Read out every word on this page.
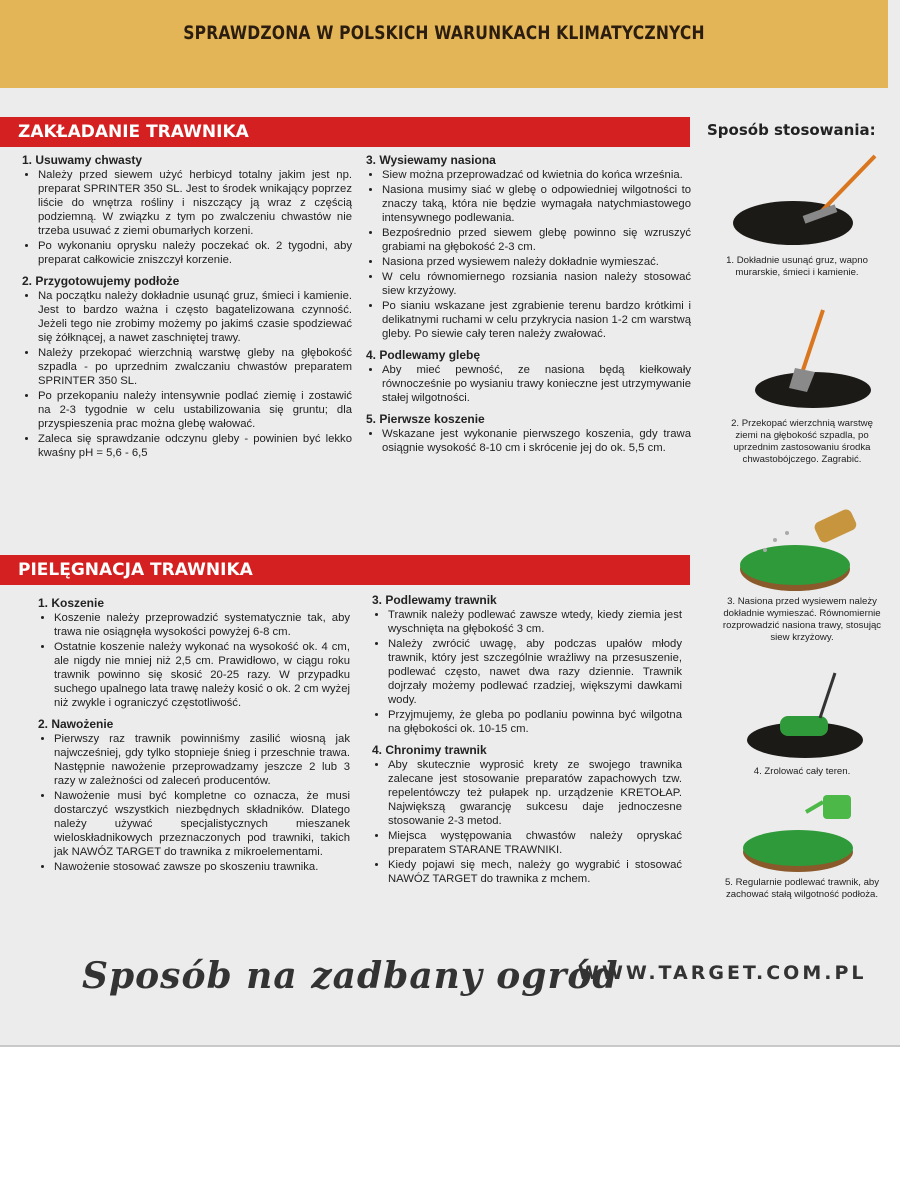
SPRAWDZONA W POLSKICH WARUNKACH KLIMATYCZNYCH
ZAKŁADANIE TRAWNIKA
1. Usuwamy chwasty
• Należy przed siewem użyć herbicyd totalny jakim jest np. preparat SPRINTER 350 SL. Jest to środek wnikający poprzez liście do wnętrza rośliny i niszczący ją wraz z częścią podziemną. W związku z tym po zwalczeniu chwastów nie trzeba usuwać z ziemi obumarłych korzeni.
• Po wykonaniu oprysku należy poczekać ok. 2 tygodni, aby preparat całkowicie zniszczył korzenie.
2. Przygotowujemy podłoże
• Na początku należy dokładnie usunąć gruz, śmieci i kamienie. Jest to bardzo ważna i często bagatelizowana czynność. Jeżeli tego nie zrobimy możemy po jakimś czasie spodziewać się żółknącej, a nawet zaschniętej trawy.
• Należy przekopać wierzchnią warstwę gleby na głębokość szpadla - po uprzednim zwalczaniu chwastów preparatem SPRINTER 350 SL.
• Po przekopaniu należy intensywnie podlać ziemię i zostawić na 2-3 tygodnie w celu ustabilizowania się gruntu; dla przyspieszenia prac można glebę wałować.
• Zaleca się sprawdzanie odczynu gleby - powinien być lekko kwaśny pH = 5,6 - 6,5
3. Wysiewamy nasiona
• Siew można przeprowadzać od kwietnia do końca września.
• Nasiona musimy siać w glebę o odpowiedniej wilgotności to znaczy taką, która nie będzie wymagała natychmiastowego intensywnego podlewania.
• Bezpośrednio przed siewem glebę powinno się wzruszyć grabiami na głębokość 2-3 cm.
• Nasiona przed wysiewem należy dokładnie wymieszać.
• W celu równomiernego rozsiania nasion należy stosować siew krzyżowy.
• Po sianiu wskazane jest zgrabienie terenu bardzo krótkimi i delikatnymi ruchami w celu przykrycia nasion 1-2 cm warstwą gleby. Po siewie cały teren należy zwałować.
4. Podlewamy glebę
• Aby mieć pewność, ze nasiona będą kiełkowały równocześnie po wysianiu trawy konieczne jest utrzymywanie stałej wilgotności.
5. Pierwsze koszenie
• Wskazane jest wykonanie pierwszego koszenia, gdy trawa osiągnie wysokość 8-10 cm i skrócenie jej do ok. 5,5 cm.
PIELĘGNACJA TRAWNIKA
1. Koszenie
• Koszenie należy przeprowadzić systematycznie tak, aby trawa nie osiągnęła wysokości powyżej 6-8 cm.
• Ostatnie koszenie należy wykonać na wysokość ok. 4 cm, ale nigdy nie mniej niż 2,5 cm. Prawidłowo, w ciągu roku trawnik powinno się skosić 20-25 razy. W przypadku suchego upalnego lata trawę należy kosić o ok. 2 cm wyżej niż zwykle i ograniczyć częstotliwość.
2. Nawożenie
• Pierwszy raz trawnik powinniśmy zasilić wiosną jak najwcześniej, gdy tylko stopnieje śnieg i przeschnie trawa. Następnie nawożenie przeprowadzamy jeszcze 2 lub 3 razy w zależności od zaleceń producentów.
• Nawożenie musi być kompletne co oznacza, że musi dostarczyć wszystkich niezbędnych składników. Dlatego należy używać specjalistycznych mieszanek wieloskładnikowych przeznaczonych pod trawniki, takich jak NAWÓZ TARGET do trawnika z mikroelementami.
• Nawożenie stosować zawsze po skoszeniu trawnika.
3. Podlewamy trawnik
• Trawnik należy podlewać zawsze wtedy, kiedy ziemia jest wyschnięta na głębokość 3 cm.
• Należy zwrócić uwagę, aby podczas upałów młody trawnik, który jest szczególnie wrażliwy na przesuszenie, podlewać często, nawet dwa razy dziennie. Trawnik dojrzały możemy podlewać rzadziej, większymi dawkami wody.
• Przyjmujemy, że gleba po podlaniu powinna być wilgotna na głębokości ok. 10-15 cm.
4. Chronimy trawnik
• Aby skutecznie wyprosić krety ze swojego trawnika zalecane jest stosowanie preparatów zapachowych tzw. repelentówczy też pułapek np. urządzenie KRETOŁAP. Największą gwarancję sukcesu daje jednoczesne stosowanie 2-3 metod.
• Miejsca występowania chwastów należy opryskać preparatem STARANE TRAWNIKI.
• Kiedy pojawi się mech, należy go wygrabić i stosować NAWÓZ TARGET do trawnika z mchem.
Sposób stosowania:
1. Dokładnie usunąć gruz, wapno murarskie, śmieci i kamienie.
2. Przekopać wierzchnią warstwę ziemi na głębokość szpadla, po uprzednim zastosowaniu środka chwastobójczego. Zagrabić.
3. Nasiona przed wysiewem należy dokładnie wymieszać. Równomiernie rozprowadzić nasiona trawy, stosując siew krzyżowy.
4. Zrolować cały teren.
5. Regularnie podlewać trawnik, aby zachować stałą wilgotność podłoża.
Sposób na zadbany ogród
WWW.TARGET.COM.PL
